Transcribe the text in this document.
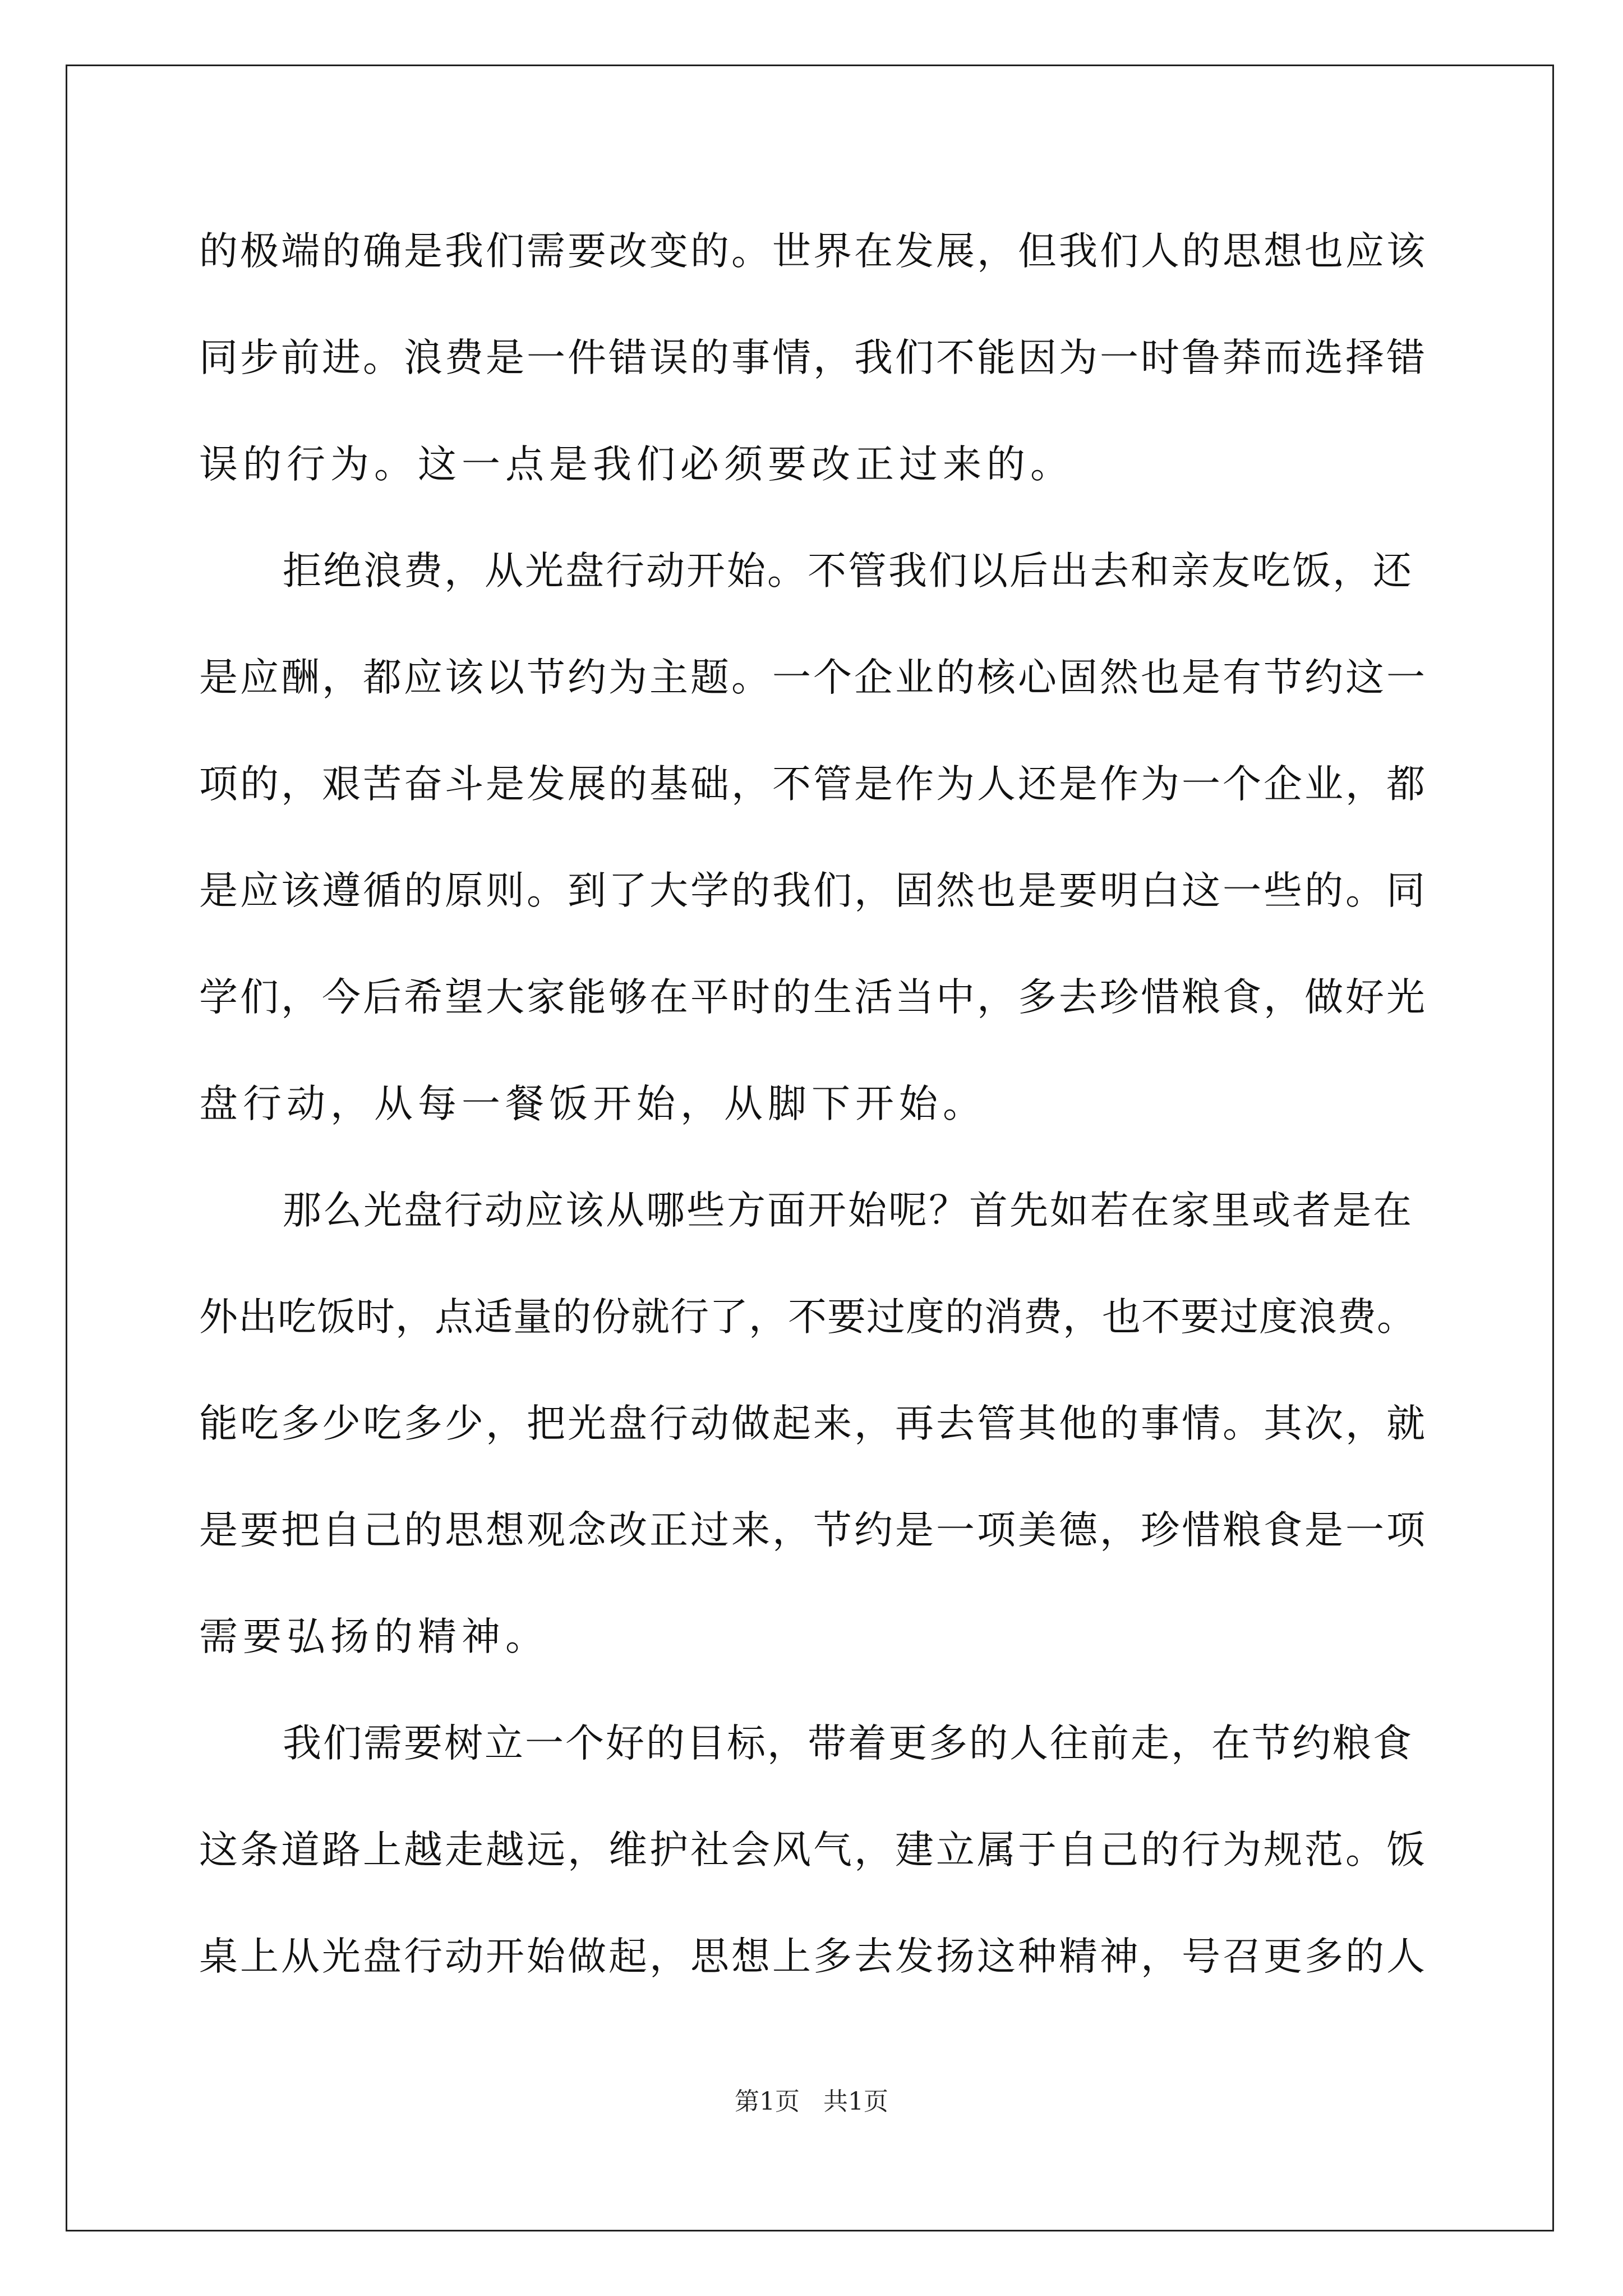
的极端的确是我们需要改变的。世界在发展，但我们人的思想也应该
同步前进。浪费是一件错误的事情，我们不能因为一时鲁莽而选择错
误的行为。这一点是我们必须要改正过来的。
拒绝浪费，从光盘行动开始。不管我们以后出去和亲友吃饭，还
是应酬，都应该以节约为主题。一个企业的核心固然也是有节约这一
项的，艰苦奋斗是发展的基础，不管是作为人还是作为一个企业，都
是应该遵循的原则。到了大学的我们，固然也是要明白这一些的。同
学们，今后希望大家能够在平时的生活当中，多去珍惜粮食，做好光
盘行动，从每一餐饭开始，从脚下开始。
那么光盘行动应该从哪些方面开始呢？首先如若在家里或者是在
外出吃饭时，点适量的份就行了，不要过度的消费，也不要过度浪费。
能吃多少吃多少，把光盘行动做起来，再去管其他的事情。其次，就
是要把自己的思想观念改正过来，节约是一项美德，珍惜粮食是一项
需要弘扬的精神。
我们需要树立一个好的目标，带着更多的人往前走，在节约粮食
这条道路上越走越远，维护社会风气，建立属于自己的行为规范。饭
桌上从光盘行动开始做起，思想上多去发扬这种精神，号召更多的人
第1页   共1页
